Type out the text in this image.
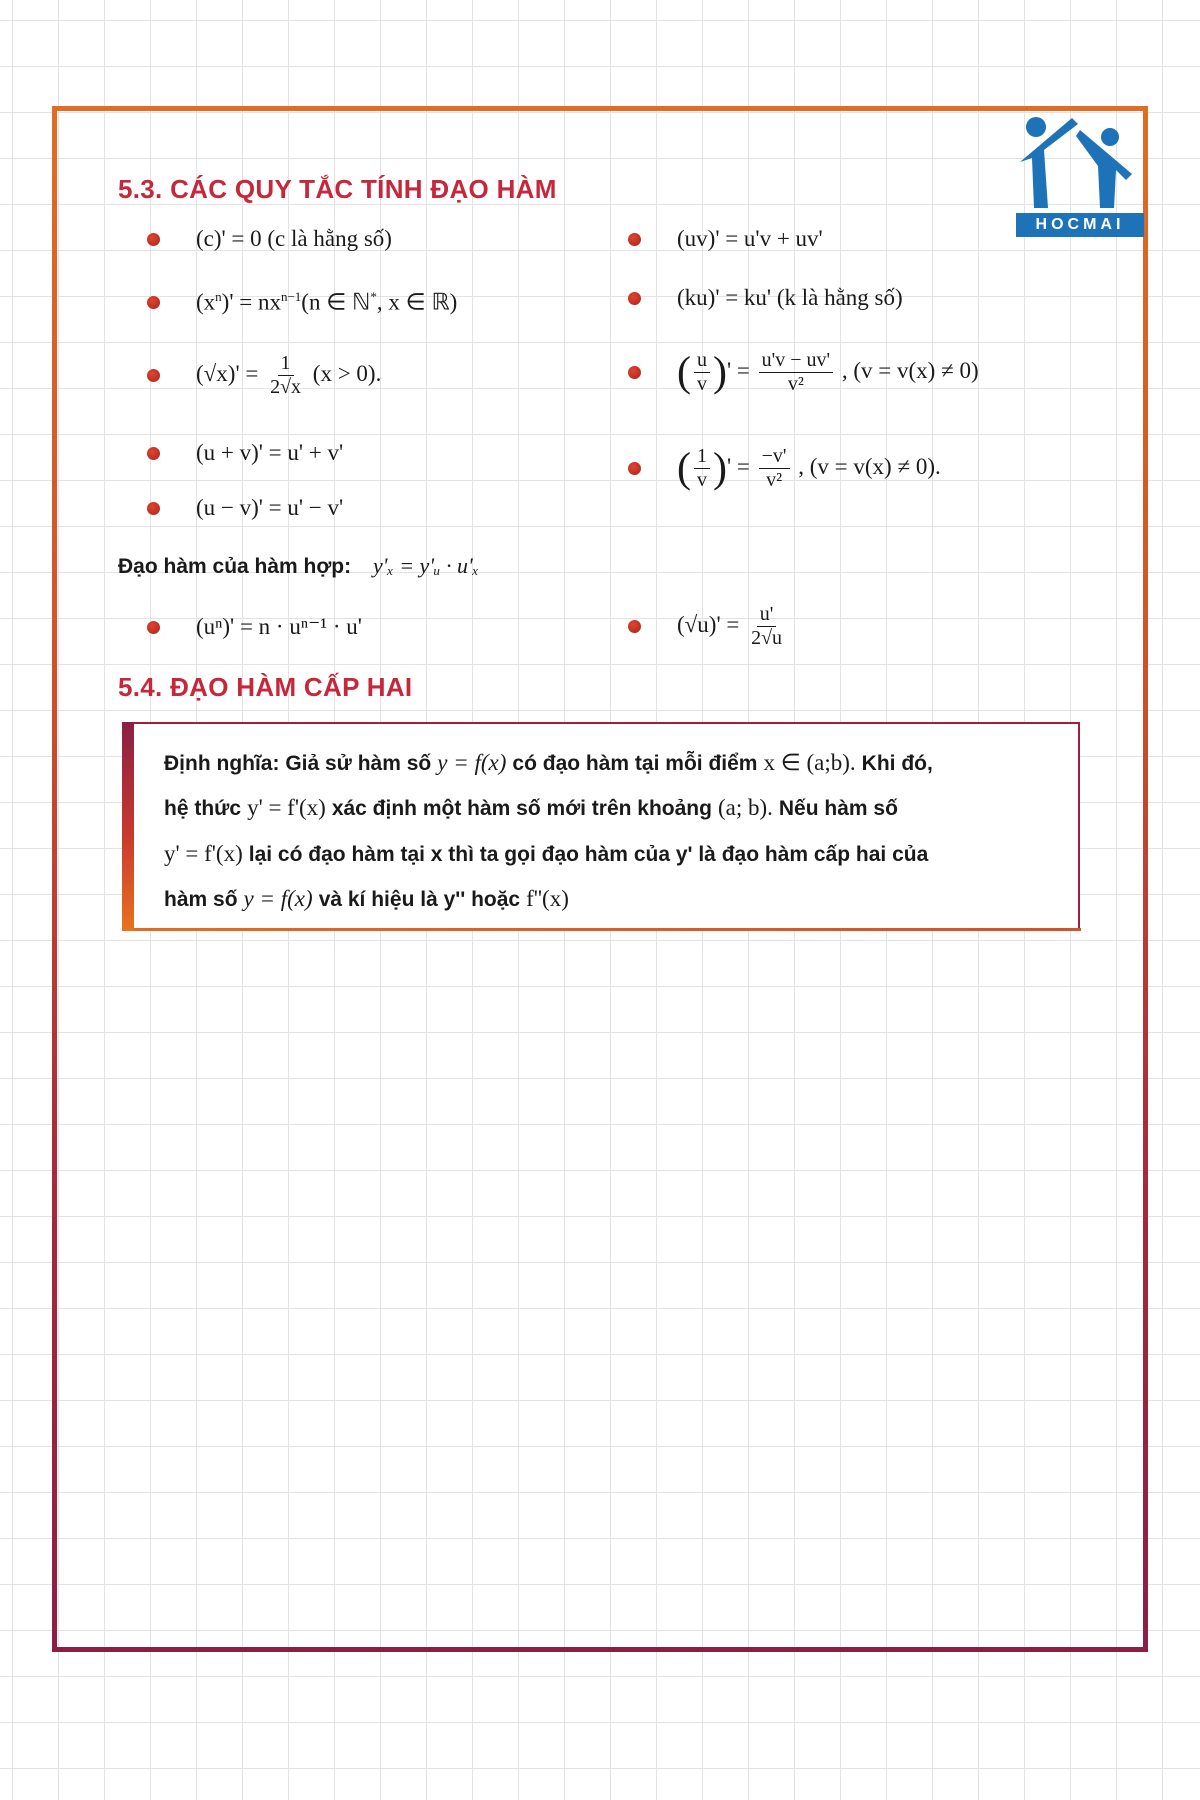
HOCMAI
5.3. CÁC QUY TẮC TÍNH ĐẠO HÀM
(c)' = 0 (c là hằng số)
$(x^n)' = nx^{n-1}(n$ ∈ ℕ*, x ∈ ℝ)
$(√x)' = \frac{1}{2√x} (x > 0)$.
(u + v)' = u' + v'
(u − v)' = u' − v'
(uv)' = u'v + uv'
(ku)' = ku' (k là hằng số)
( $\frac{u}{v}$ )' = $\frac{u'v - uv'}{\text{v²}}$ , (v = v(x) ≠ 0)
( $\frac{1}{v}$ )' = $\frac{-v'}{\text{v²}}$ , (v = v(x) ≠ 0).
Đạo hàm của hàm hợp: y'ₓ = y'ᵤ · u'ₓ
(uⁿ)' = n · uⁿ⁻¹ · u'	$(√u)' = \frac{u'}{2√u}$
5.4. ĐẠO HÀM CẤP HAI
Định nghĩa: Giả sử hàm số y = f(x) có đạo hàm tại mỗi điểm x ∈ (a;b). Khi đó,
hệ thức y' = f'(x) xác định một hàm số mới trên khoảng (a; b). Nếu hàm số
y' = f'(x) lại có đạo hàm tại x thì ta gọi đạo hàm của y' là đạo hàm cấp hai của
hàm số y = f(x) và kí hiệu là y'' hoặc f''(x)
